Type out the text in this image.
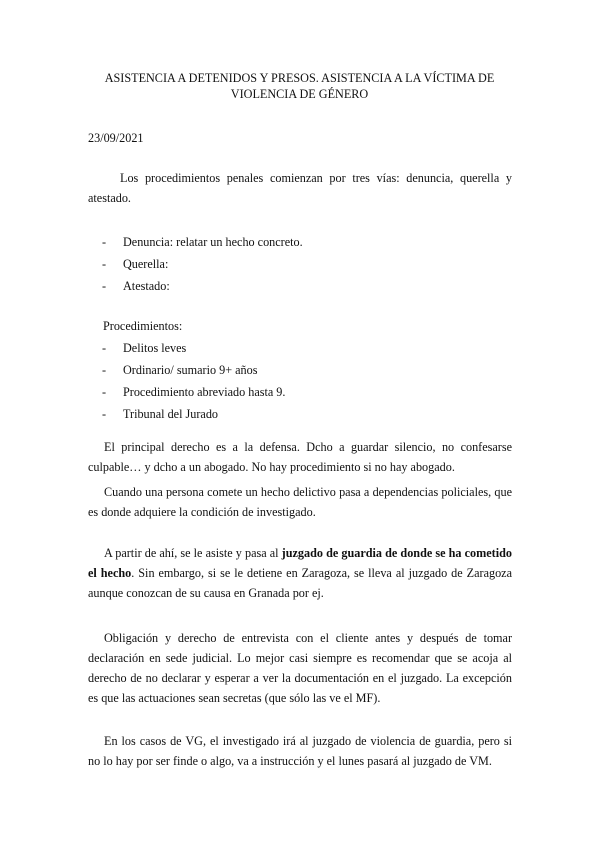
ASISTENCIA A DETENIDOS Y PRESOS. ASISTENCIA A LA VÍCTIMA DE
VIOLENCIA DE GÉNERO
23/09/2021
Los procedimientos penales comienzan por tres vías: denuncia, querella y atestado.
- Denuncia: relatar un hecho concreto.
- Querella:
- Atestado:
Procedimientos:
- Delitos leves
- Ordinario/ sumario 9+ años
- Procedimiento abreviado hasta 9.
- Tribunal del Jurado
El principal derecho es a la defensa. Dcho a guardar silencio, no confesarse culpable… y dcho a un abogado. No hay procedimiento si no hay abogado.
Cuando una persona comete un hecho delictivo pasa a dependencias policiales, que es donde adquiere la condición de investigado.
A partir de ahí, se le asiste y pasa al juzgado de guardia de donde se ha cometido el hecho. Sin embargo, si se le detiene en Zaragoza, se lleva al juzgado de Zaragoza aunque conozcan de su causa en Granada por ej.
Obligación y derecho de entrevista con el cliente antes y después de tomar declaración en sede judicial. Lo mejor casi siempre es recomendar que se acoja al derecho de no declarar y esperar a ver la documentación en el juzgado. La excepción es que las actuaciones sean secretas (que sólo las ve el MF).
En los casos de VG, el investigado irá al juzgado de violencia de guardia, pero si no lo hay por ser finde o algo, va a instrucción y el lunes pasará al juzgado de VM.
